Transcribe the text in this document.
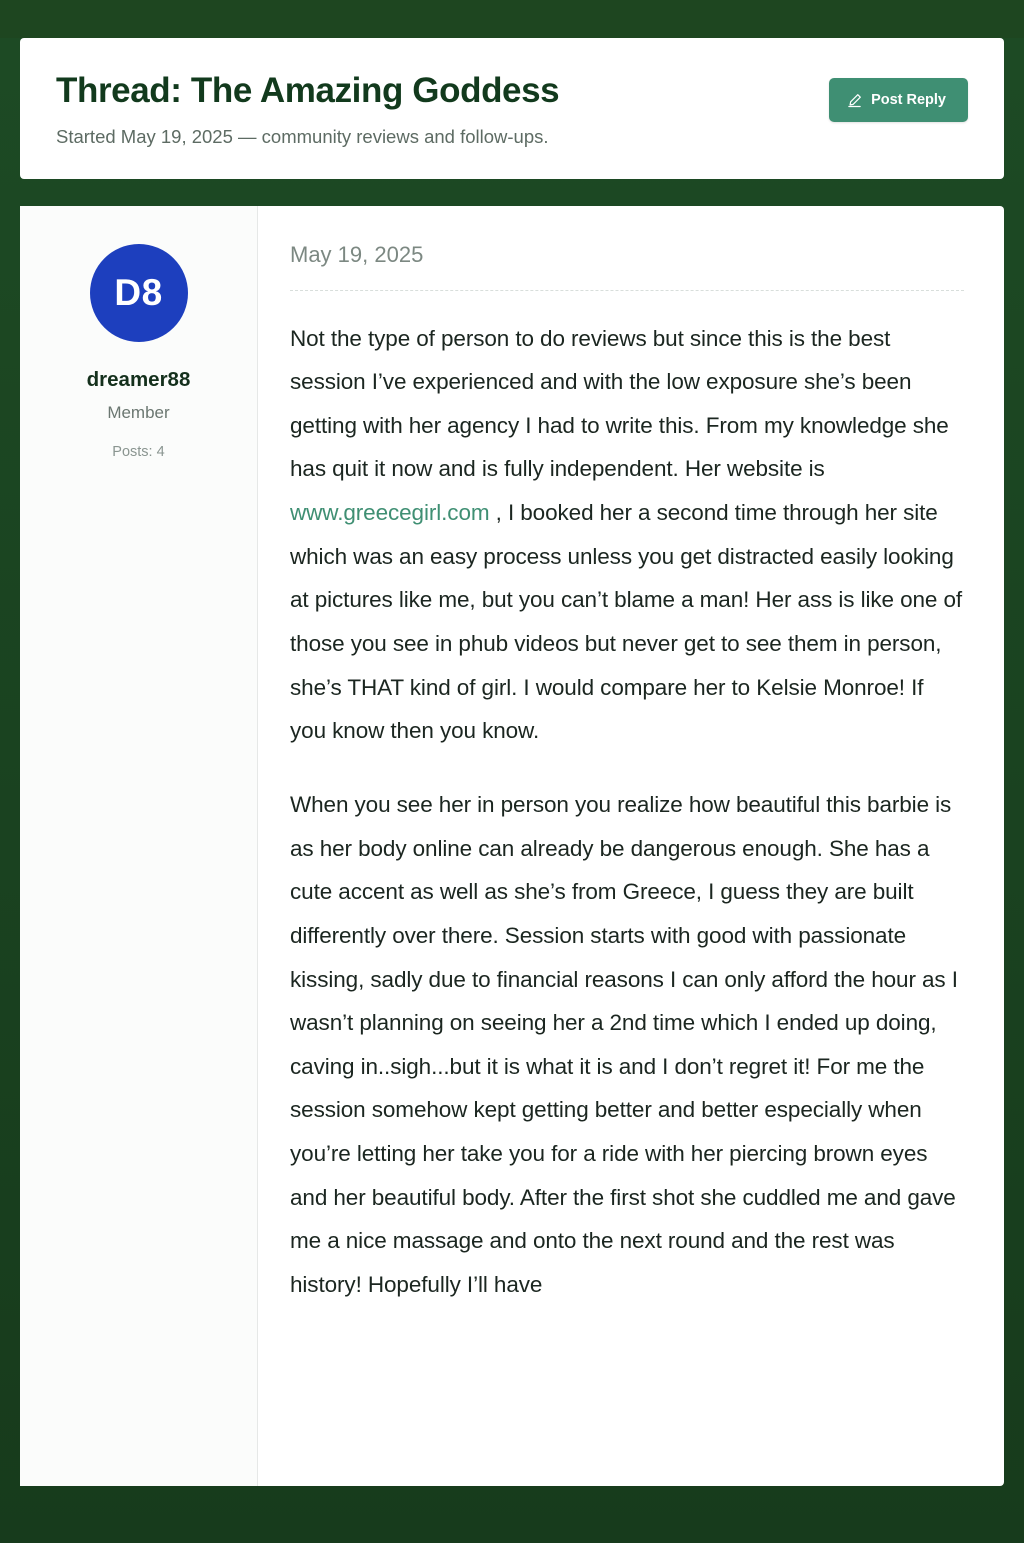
Thread: The Amazing Goddess

Started May 19, 2025 — community reviews and follow-ups.

Post Reply
D8
dreamer88
Member
Posts: 4
May 19, 2025

Not the type of person to do reviews but since this is the best session I’ve experienced and with the low exposure she’s been getting with her agency I had to write this. From my knowledge she has quit it now and is fully independent. Her website is www.greecegirl.com , I booked her a second time through her site which was an easy process unless you get distracted easily looking at pictures like me, but you can’t blame a man! Her ass is like one of those you see in phub videos but never get to see them in person, she’s THAT kind of girl. I would compare her to Kelsie Monroe! If you know then you know.

When you see her in person you realize how beautiful this barbie is as her body online can already be dangerous enough. She has a cute accent as well as she’s from Greece, I guess they are built differently over there. Session starts with good with passionate kissing, sadly due to financial reasons I can only afford the hour as I wasn’t planning on seeing her a 2nd time which I ended up doing, caving in..sigh...but it is what it is and I don’t regret it! For me the session somehow kept getting better and better especially when you’re letting her take you for a ride with her piercing brown eyes and her beautiful body. After the first shot she cuddled me and gave me a nice massage and onto the next round and the rest was history! Hopefully I’ll have
